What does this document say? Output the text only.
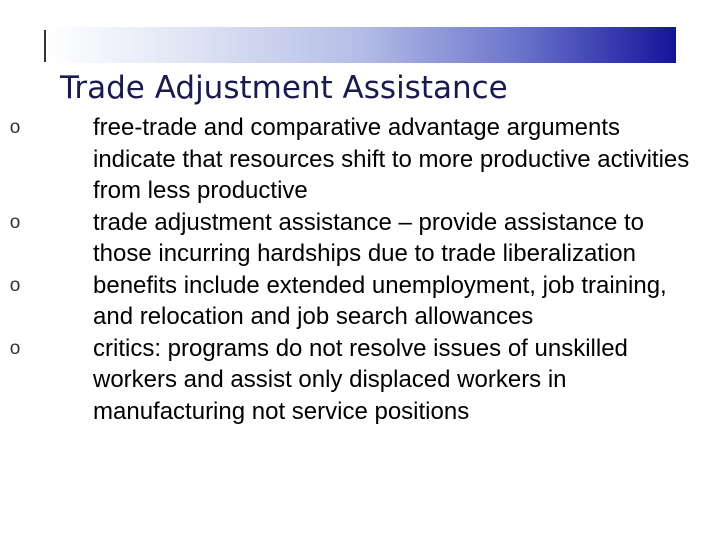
Trade Adjustment Assistance
o	free-trade and comparative advantage arguments indicate that resources shift to more productive activities from less productive
o	trade adjustment assistance – provide assistance to those incurring hardships due to trade liberalization
o	benefits include extended unemployment, job training, and relocation and job search allowances
o	critics: programs do not resolve issues of unskilled workers and assist only displaced workers in manufacturing not service positions
